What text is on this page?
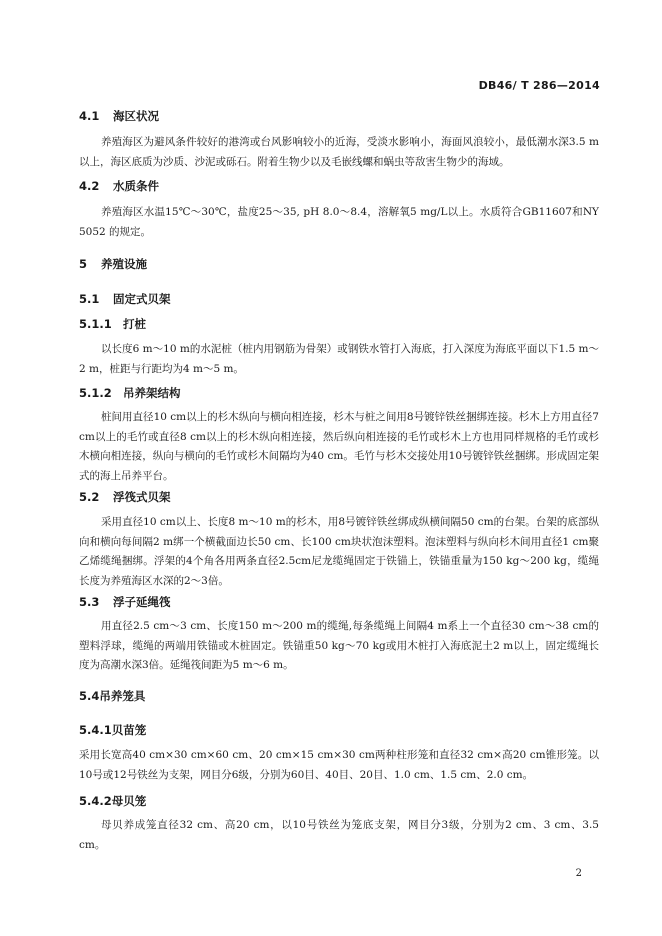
DB46/ T 286—2014
4.1 海区状况
养殖海区为避风条件较好的港湾或台风影响较小的近海，受淡水影响小，海面风浪较小，最低潮水深3.5 m以上，海区底质为沙质、沙泥或砾石。附着生物少以及毛嵌线螺和蜗虫等敌害生物少的海域。
4.2 水质条件
养殖海区水温15℃～30℃，盐度25～35, pH 8.0～8.4，溶解氧5 mg/L以上。水质符合GB11607和NY 5052 的规定。
5 养殖设施
5.1 固定式贝架
5.1.1 打桩
以长度6 m～10 m的水泥桩（桩内用钢筋为骨架）或钢铁水管打入海底，打入深度为海底平面以下1.5 m～2 m，桩距与行距均为4 m～5 m。
5.1.2 吊养架结构
桩间用直径10 cm以上的杉木纵向与横向相连接，杉木与桩之间用8号镀锌铁丝捆绑连接。杉木上方用直径7 cm以上的毛竹或直径8 cm以上的杉木纵向相连接，然后纵向相连接的毛竹或杉木上方也用同样规格的毛竹或杉木横向相连接，纵向与横向的毛竹或杉木间隔均为40 cm。毛竹与杉木交接处用10号镀锌铁丝捆绑。形成固定架式的海上吊养平台。
5.2 浮筏式贝架
采用直径10 cm以上、长度8 m～10 m的杉木，用8号镀锌铁丝绑成纵横间隔50 cm的台架。台架的底部纵向和横向每间隔2 m绑一个横截面边长50 cm、长100 cm块状泡沫塑料。泡沫塑料与纵向杉木间用直径1 cm聚乙烯缆绳捆绑。浮架的4个角各用两条直径2.5cm尼龙缆绳固定于铁锚上，铁锚重量为150 kg～200 kg，缆绳长度为养殖海区水深的2～3倍。
5.3 浮子延绳筏
用直径2.5 cm～3 cm、长度150 m～200 m的缆绳,每条缆绳上间隔4 m系上一个直径30 cm～38 cm的塑料浮球，缆绳的两端用铁锚或木桩固定。铁锚重50 kg～70 kg或用木桩打入海底泥土2 m以上，固定缆绳长度为高潮水深3倍。延绳筏间距为5 m～6 m。
5.4吊养笼具
5.4.1贝苗笼
采用长宽高40 cm×30 cm×60 cm、20 cm×15 cm×30 cm两种柱形笼和直径32 cm×高20 cm锥形笼。以10号或12号铁丝为支架，网目分6级，分别为60目、40目、20目、1.0 cm、1.5 cm、2.0 cm。
5.4.2母贝笼
母贝养成笼直径32 cm、高20 cm，以10号铁丝为笼底支架，网目分3级，分别为2 cm、3 cm、3.5 cm。
2
